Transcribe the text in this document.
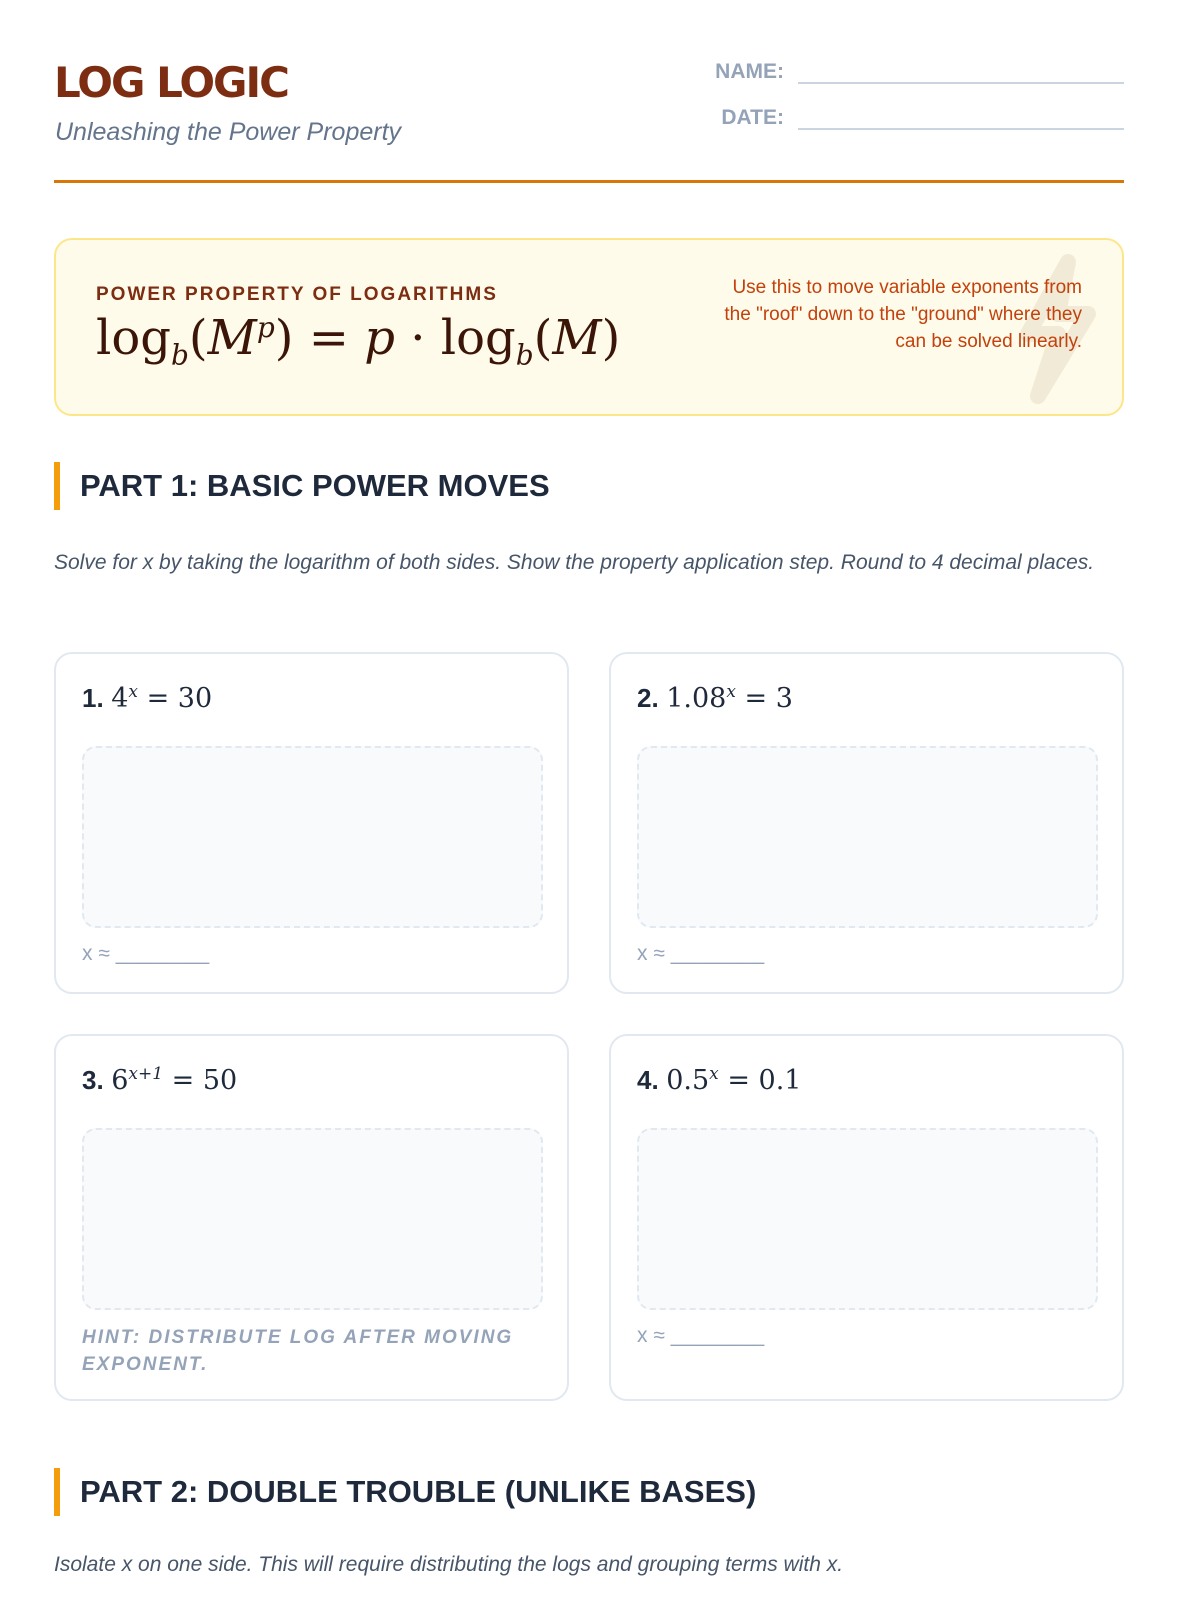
LOG LOGIC
Unleashing the Power Property
NAME:
DATE:
POWER PROPERTY OF LOGARITHMS
$\log_b(M^p) = p \cdot \log_b(M)$
Use this to move variable exponents from the "roof" down to the "ground" where they can be solved linearly.
PART 1: BASIC POWER MOVES
Solve for x by taking the logarithm of both sides. Show the property application step. Round to 4 decimal places.
1. $4^x = 30$
x ≈ ________
2. $1.08^x = 3$
x ≈ ________
3. $6^{x+1} = 50$
HINT: DISTRIBUTE LOG AFTER MOVING EXPONENT.
4. $0.5^x = 0.1$
x ≈ ________
PART 2: DOUBLE TROUBLE (UNLIKE BASES)
Isolate x on one side. This will require distributing the logs and grouping terms with x.
